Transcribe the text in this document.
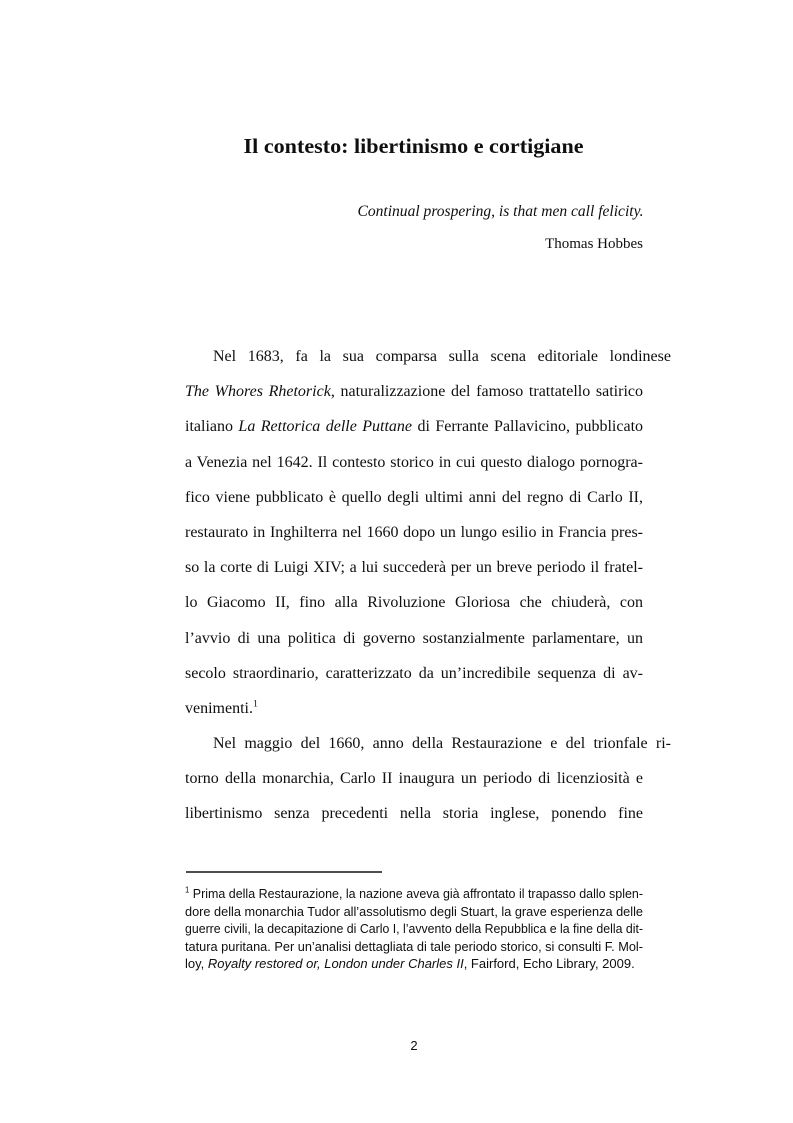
Il contesto: libertinismo e cortigiane
Continual prospering, is that men call felicity.
Thomas Hobbes
Nel 1683, fa la sua comparsa sulla scena editoriale londinese
The Whores Rhetorick, naturalizzazione del famoso trattatello satirico
italiano La Rettorica delle Puttane di Ferrante Pallavicino, pubblicato
a Venezia nel 1642. Il contesto storico in cui questo dialogo pornogra-
fico viene pubblicato è quello degli ultimi anni del regno di Carlo II,
restaurato in Inghilterra nel 1660 dopo un lungo esilio in Francia pres-
so la corte di Luigi XIV; a lui succederà per un breve periodo il fratel-
lo Giacomo II, fino alla Rivoluzione Gloriosa che chiuderà, con
l’avvio di una politica di governo sostanzialmente parlamentare, un
secolo straordinario, caratterizzato da un’incredibile sequenza di av-
venimenti.$^1$
Nel maggio del 1660, anno della Restaurazione e del trionfale ri-
torno della monarchia, Carlo II inaugura un periodo di licenziosità e
libertinismo senza precedenti nella storia inglese, ponendo fine
$^1$ Prima della Restaurazione, la nazione aveva già affrontato il trapasso dallo splen-
dore della monarchia Tudor all’assolutismo degli Stuart, la grave esperienza delle
guerre civili, la decapitazione di Carlo I, l’avvento della Repubblica e la fine della dit-
tatura puritana. Per un’analisi dettagliata di tale periodo storico, si consulti F. Mol-
loy, Royalty restored or, London under Charles II, Fairford, Echo Library, 2009.
2
